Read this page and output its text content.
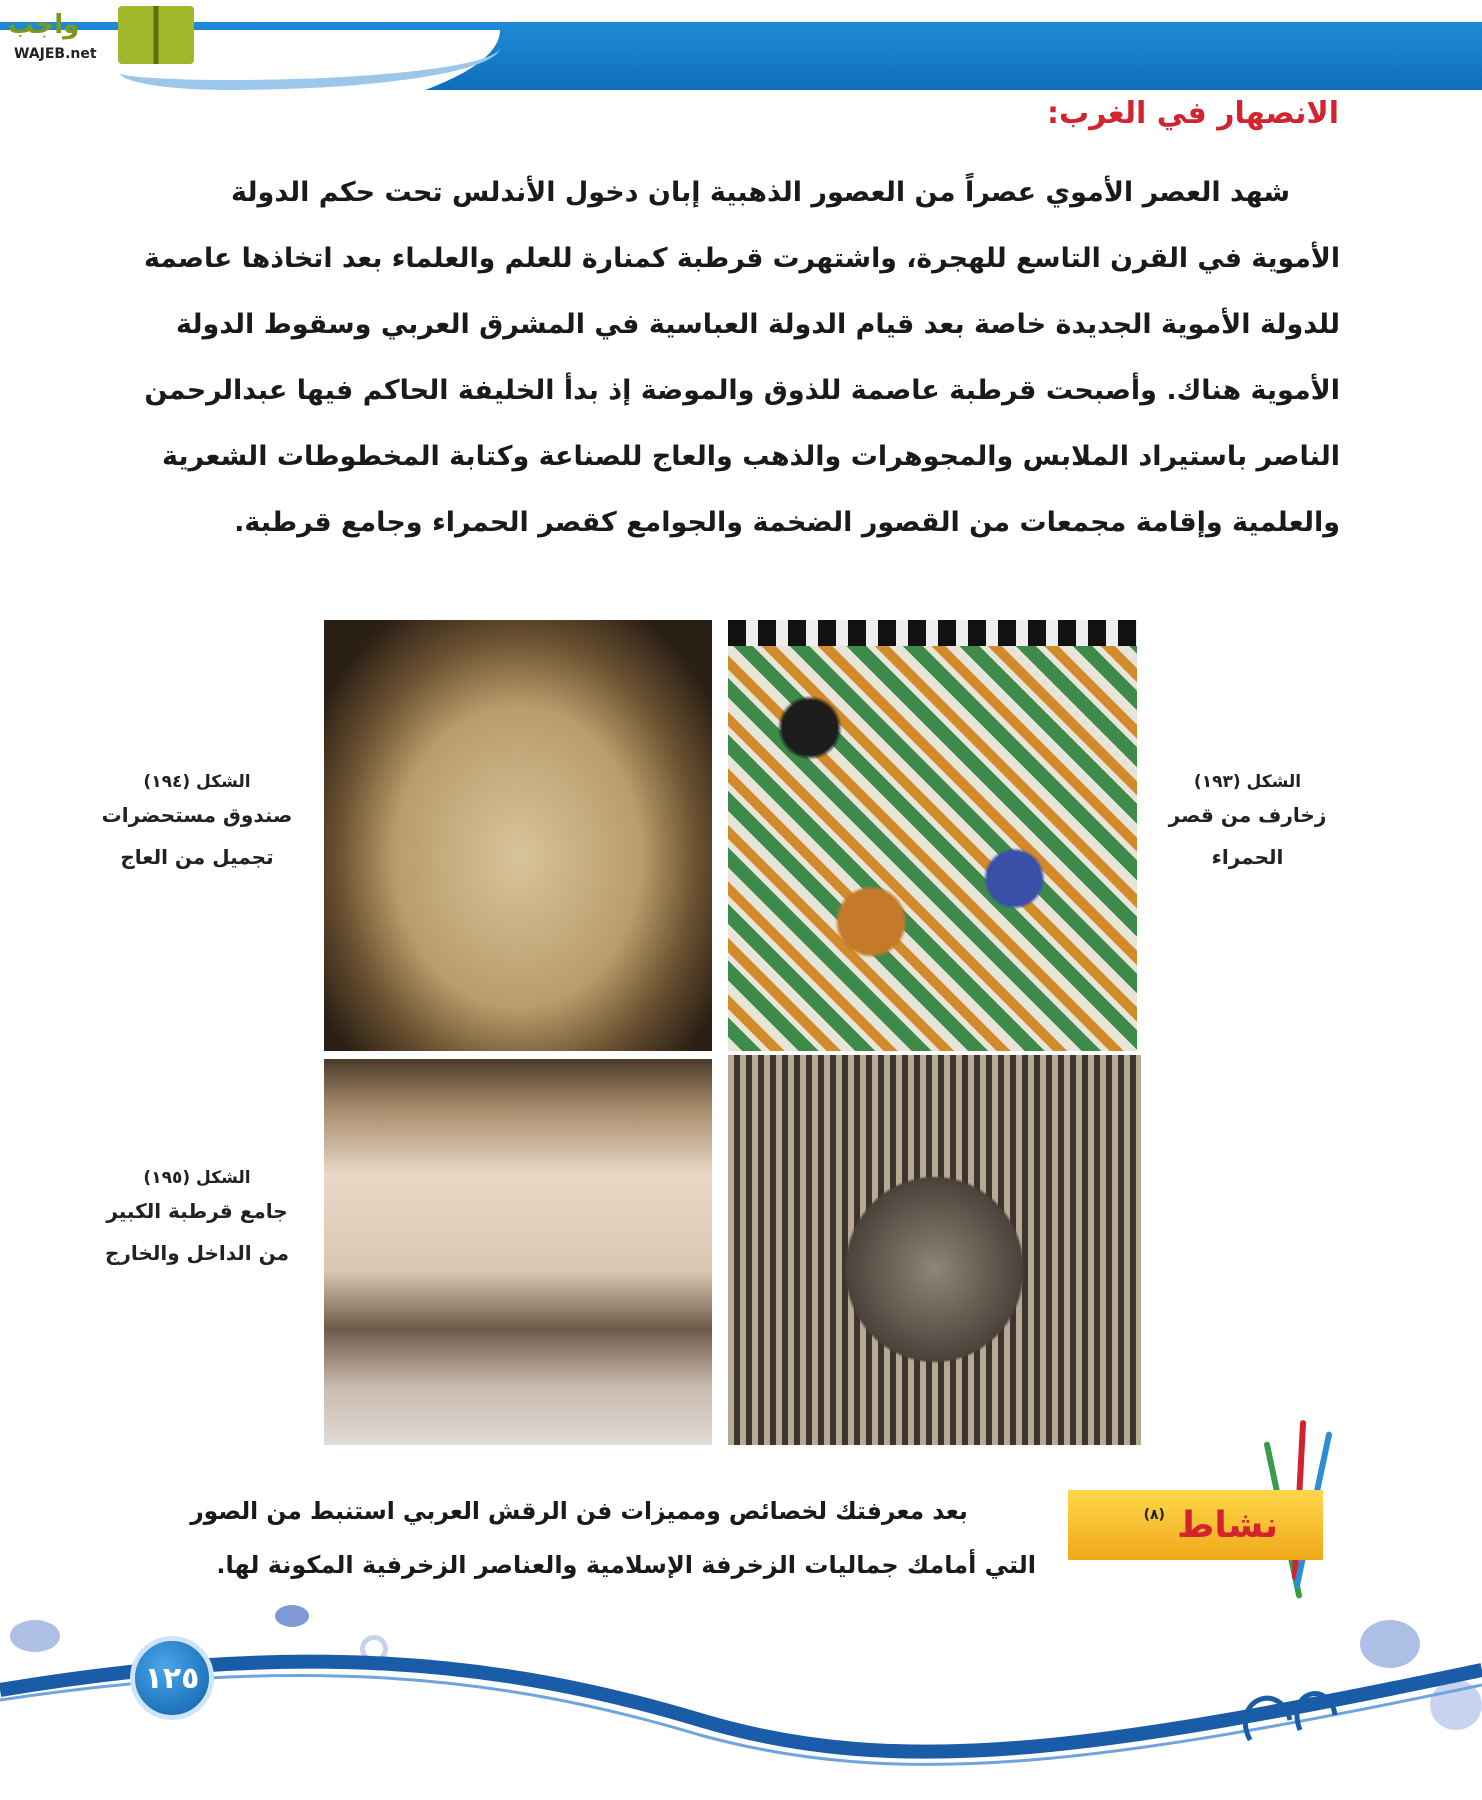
واجب
WAJEB.net
الانصهار في الغرب:
شهد العصر الأموي عصراً من العصور الذهبية إبان دخول الأندلس تحت حكم الدولة
الأموية في القرن التاسع للهجرة، واشتهرت قرطبة كمنارة للعلم والعلماء بعد اتخاذها عاصمة
للدولة الأموية الجديدة خاصة بعد قيام الدولة العباسية في المشرق العربي وسقوط الدولة
الأموية هناك. وأصبحت قرطبة عاصمة للذوق والموضة إذ بدأ الخليفة الحاكم فيها عبدالرحمن
الناصر باستيراد الملابس والمجوهرات والذهب والعاج للصناعة وكتابة المخطوطات الشعرية
والعلمية وإقامة مجمعات من القصور الضخمة والجوامع كقصر الحمراء وجامع قرطبة.
الشكل (١٩٣)
زخارف من قصر
الحمراء
الشكل (١٩٤)
صندوق مستحضرات
تجميل من العاج
الشكل (١٩٥)
جامع قرطبة الكبير
من الداخل والخارج
نشاط
(٨)
بعد معرفتك لخصائص ومميزات فن الرقش العربي استنبط من الصور
التي أمامك جماليات الزخرفة الإسلامية والعناصر الزخرفية المكونة لها.
١٢٥
